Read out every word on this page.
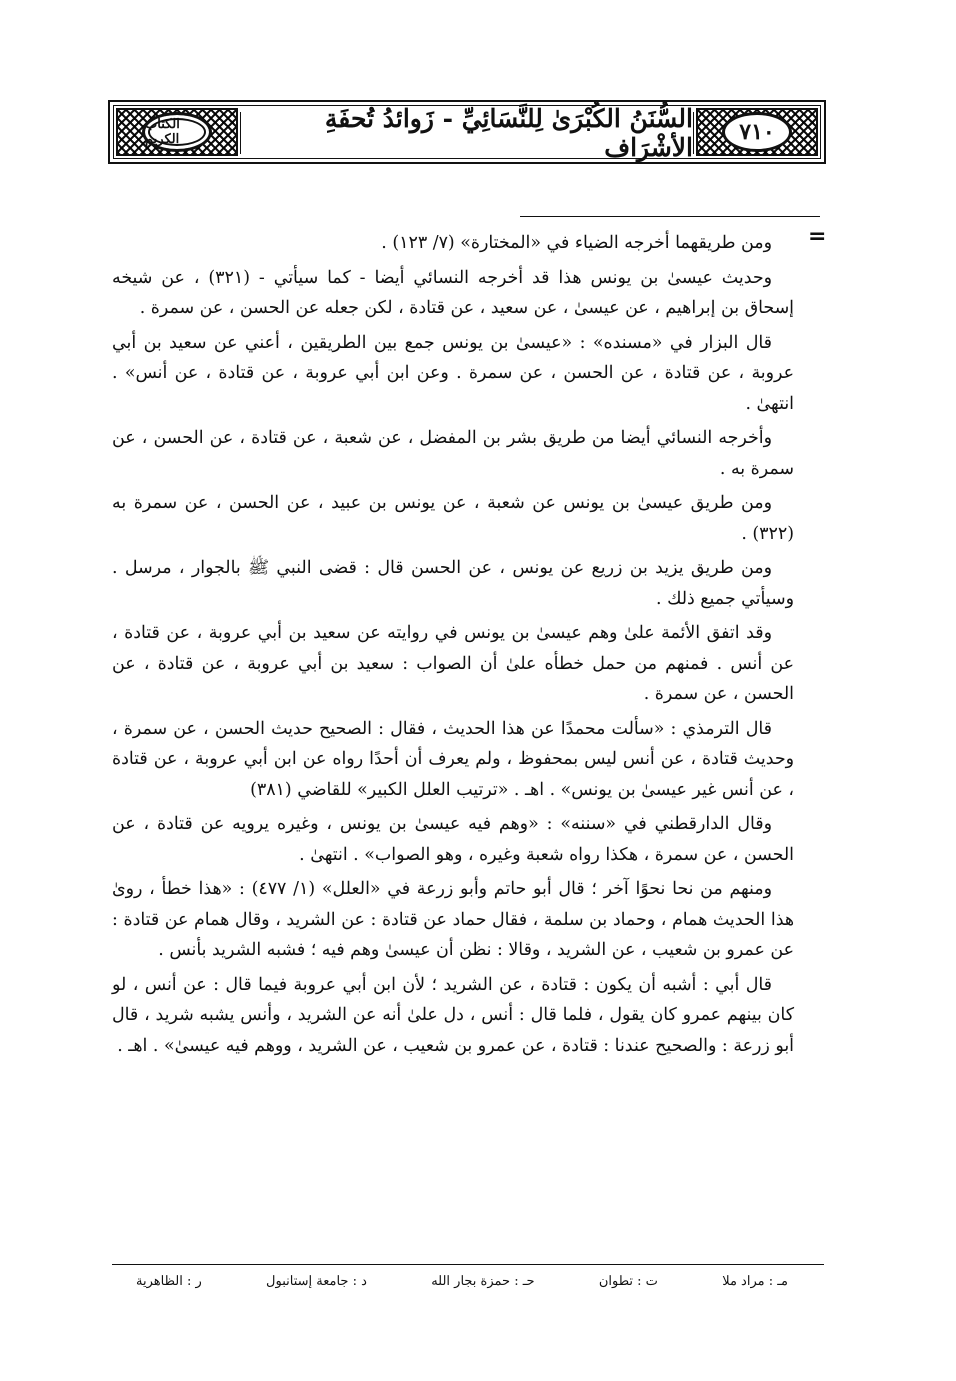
٧١٠
السُّنَنُ الكُبْرَىٰ لِلنَّسَائِيِّ - زَوائدُ تُحفَةِ الأشْرَاف
الكتاب الكريم
=

ومن طريقهما أخرجه الضياء في «المختارة» (٧/ ١٢٣) .

وحديث عيسىٰ بن يونس هذا قد أخرجه النسائي أيضا - كما سيأتي - (٣٢١) ، عن شيخه إسحاق بن إبراهيم ، عن عيسىٰ ، عن سعيد ، عن قتادة ، لكن جعله عن الحسن ، عن سمرة .

قال البزار في «مسنده» : «عيسىٰ بن يونس جمع بين الطريقين ، أعني عن سعيد بن أبي عروبة ، عن قتادة ، عن الحسن ، عن سمرة . وعن ابن أبي عروبة ، عن قتادة ، عن أنس» . انتهىٰ .

وأخرجه النسائي أيضا من طريق بشر بن المفضل ، عن شعبة ، عن قتادة ، عن الحسن ، عن سمرة به .

ومن طريق عيسىٰ بن يونس عن شعبة ، عن يونس بن عبيد ، عن الحسن ، عن سمرة به (٣٢٢) .

ومن طريق يزيد بن زريع عن يونس ، عن الحسن قال : قضى النبي ﷺ بالجوار ، مرسل . وسيأتي جميع ذلك .

وقد اتفق الأئمة علىٰ وهم عيسىٰ بن يونس في روايته عن سعيد بن أبي عروبة ، عن قتادة ، عن أنس . فمنهم من حمل خطأه علىٰ أن الصواب : سعيد بن أبي عروبة ، عن قتادة ، عن الحسن ، عن سمرة .

قال الترمذي : «سألت محمدًا عن هذا الحديث ، فقال : الصحيح حديث الحسن ، عن سمرة ، وحديث قتادة ، عن أنس ليس بمحفوظ ، ولم يعرف أن أحدًا رواه عن ابن أبي عروبة ، عن قتادة ، عن أنس غير عيسىٰ بن يونس» . اهـ . «ترتيب العلل الكبير» للقاضي (٣٨١)

وقال الدارقطني في «سننه» : «وهم فيه عيسىٰ بن يونس ، وغيره يرويه عن قتادة ، عن الحسن ، عن سمرة ، هكذا رواه شعبة وغيره ، وهو الصواب» . انتهىٰ .

ومنهم من نحا نحوًا آخر ؛ قال أبو حاتم وأبو زرعة في «العلل» (١/ ٤٧٧) : «هذا خطأ ، رویٰ هذا الحديث همام ، وحماد بن سلمة ، فقال حماد عن قتادة : عن الشريد ، وقال همام عن قتادة : عن عمرو بن شعيب ، عن الشريد ، وقالا : نظن أن عيسىٰ وهم فيه ؛ فشبه الشريد بأنس .

قال أبي : أشبه أن يكون : قتادة ، عن الشريد ؛ لأن ابن أبي عروبة فيما قال : عن أنس ، لو كان بينهم عمرو كان يقول ، فلما قال : أنس ، دل علىٰ أنه عن الشريد ، وأنس يشبه شريد ، قال أبو زرعة : والصحيح عندنا : قتادة ، عن عمرو بن شعيب ، عن الشريد ، ووهم فيه عيسىٰ» . اهـ .

مـ : مراد ملا
ت : تطوان
حـ : حمزة بجار الله
د : جامعة إستانبول
ر : الظاهرية
